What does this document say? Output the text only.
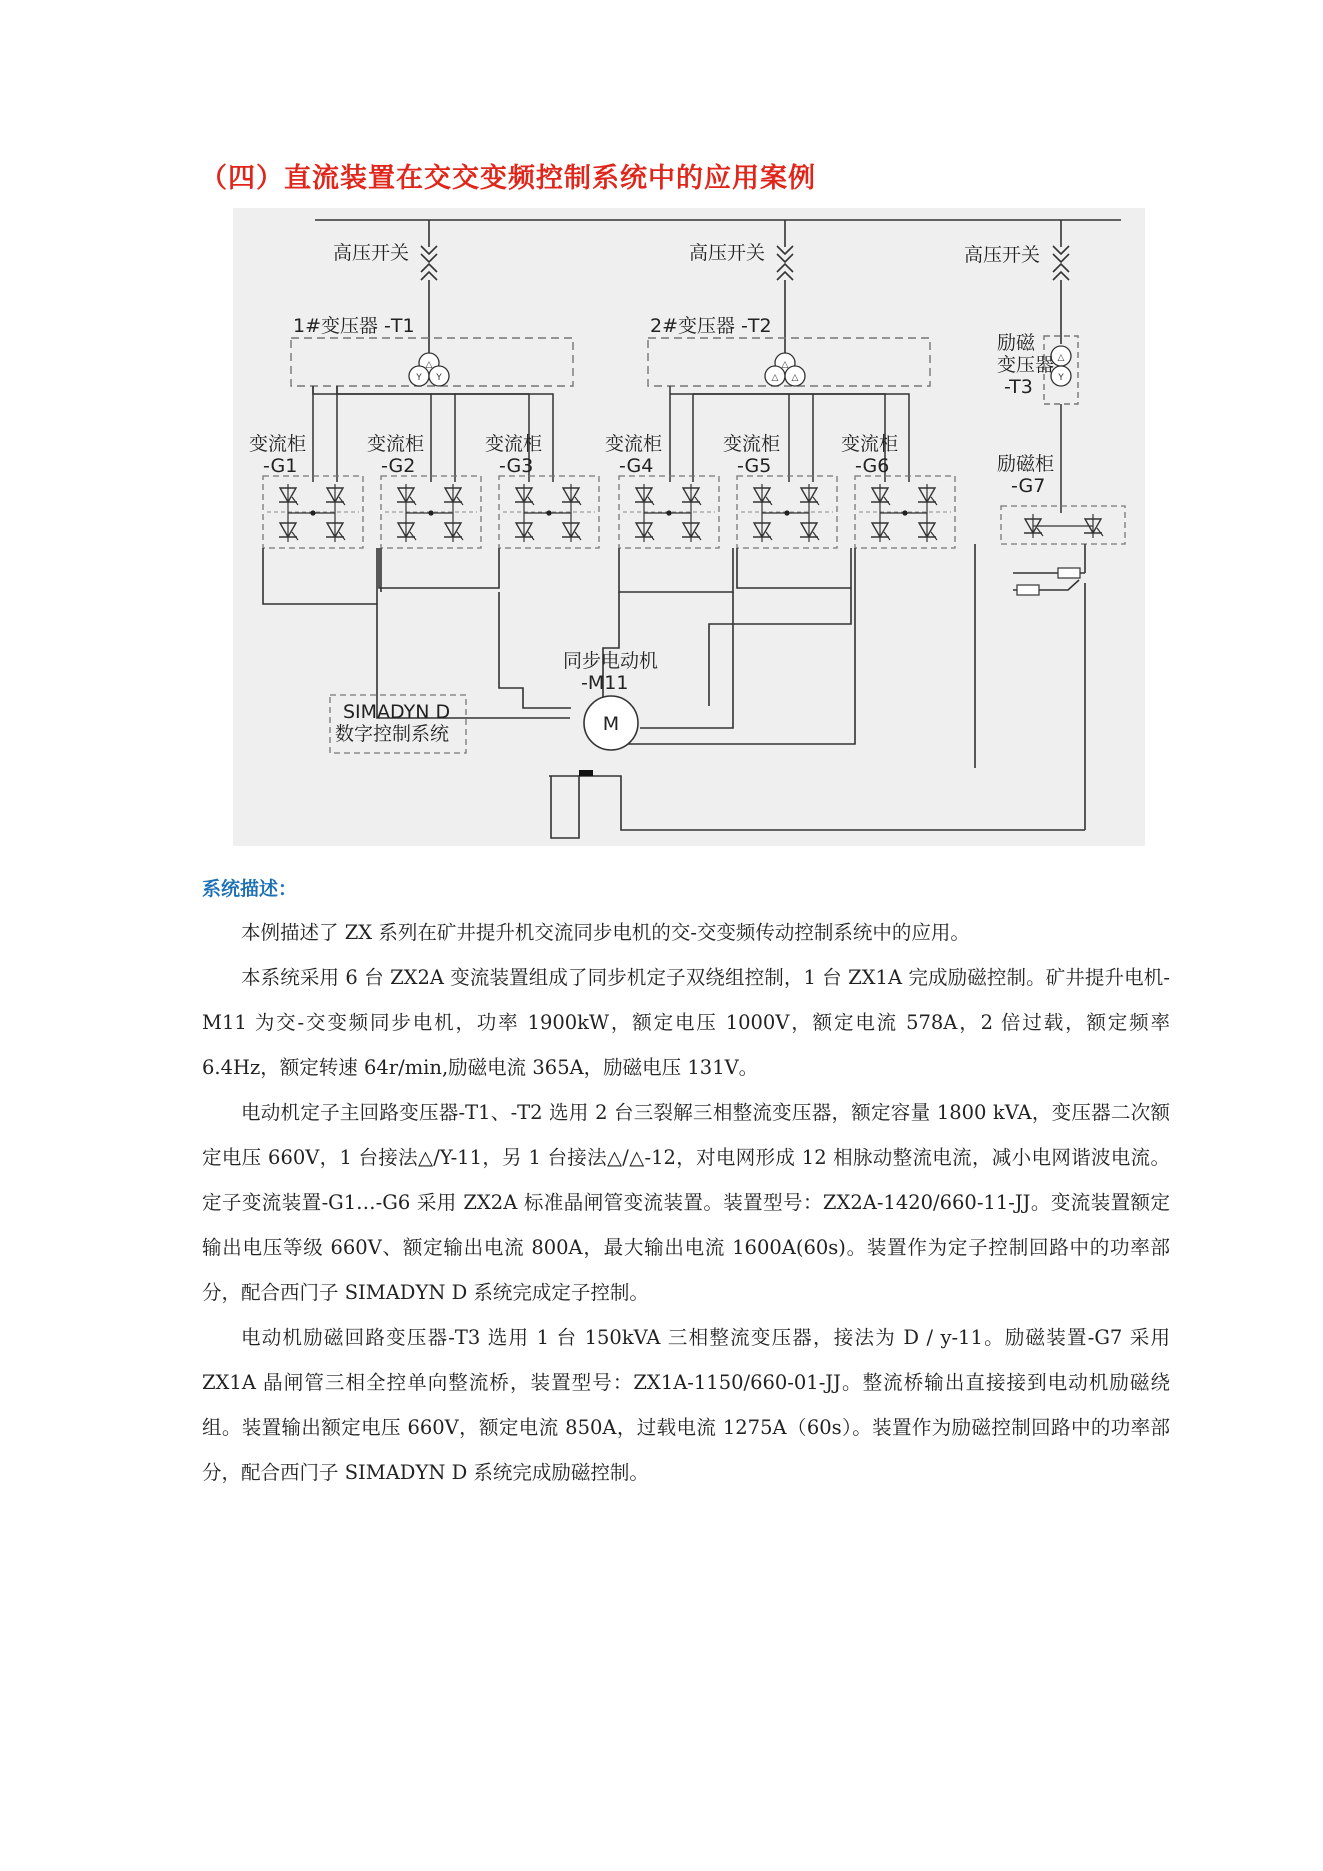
（四）直流装置在交交变频控制系统中的应用案例
△
Y Y
△
△ △
△
Y
M
高压开关	高压开关	高压开关
1#变压器 -T1	2#变压器 -T2
励磁
变压器
-T3
变流柜
-G1
变流柜
-G2
变流柜
-G3
变流柜
-G4
变流柜
-G5
变流柜
-G6	励磁柜
-G7
同步电动机
-M11
SIMADYN D
数字控制系统
系统描述：

本例描述了 ZX 系列在矿井提升机交流同步电机的交-交变频传动控制系统中的应用。

本系统采用 6 台 ZX2A 变流装置组成了同步机定子双绕组控制，1 台 ZX1A 完成励磁控制。矿井提升电机-M11 为交-交变频同步电机，功率 1900kW，额定电压 1000V，额定电流 578A，2 倍过载，额定频率 6.4Hz，额定转速 64r/min,励磁电流 365A，励磁电压 131V。

电动机定子主回路变压器-T1、-T2 选用 2 台三裂解三相整流变压器，额定容量 1800 kVA，变压器二次额定电压 660V，1 台接法△/Y-11，另 1 台接法△/△-12，对电网形成 12 相脉动整流电流，减小电网谐波电流。定子变流装置-G1…-G6 采用 ZX2A 标准晶闸管变流装置。装置型号：ZX2A-1420/660-11-JJ。变流装置额定输出电压等级 660V、额定输出电流 800A，最大输出电流 1600A(60s)。装置作为定子控制回路中的功率部分，配合西门子 SIMADYN D 系统完成定子控制。

电动机励磁回路变压器-T3 选用 1 台 150kVA 三相整流变压器，接法为 D / y-11。励磁装置-G7 采用 ZX1A 晶闸管三相全控单向整流桥，装置型号：ZX1A-1150/660-01-JJ。整流桥输出直接接到电动机励磁绕组。装置输出额定电压 660V，额定电流 850A，过载电流 1275A（60s）。装置作为励磁控制回路中的功率部分，配合西门子 SIMADYN D 系统完成励磁控制。
